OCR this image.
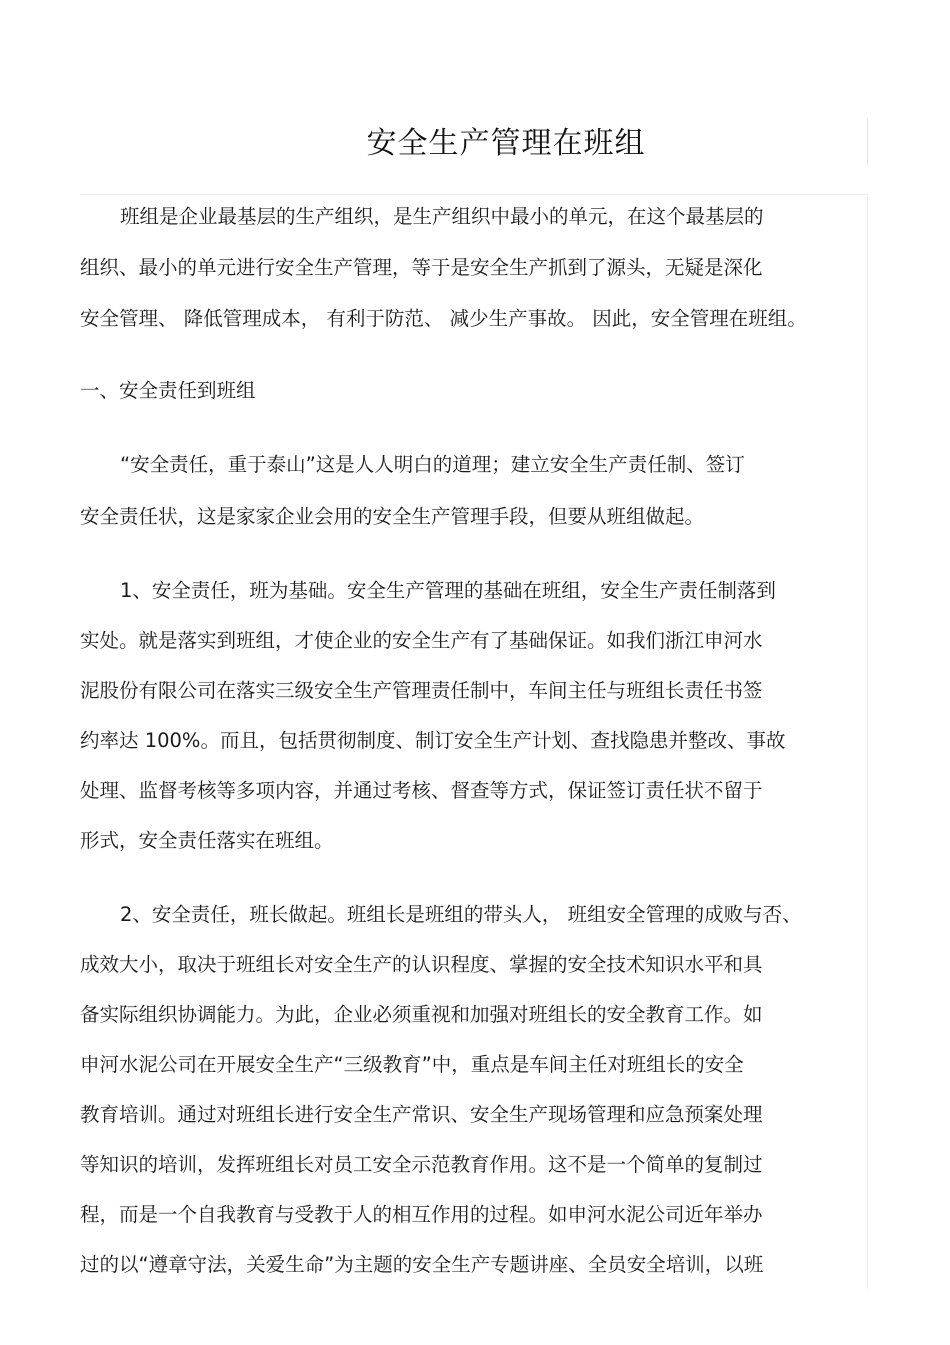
安全生产管理在班组
班组是企业最基层的生产组织，是生产组织中最小的单元，在这个最基层的
组织、最小的单元进行安全生产管理，等于是安全生产抓到了源头，无疑是深化
安全管理、 降低管理成本， 有利于防范、 减少生产事故。 因此，安全管理在班组。
一、安全责任到班组
“安全责任，重于泰山”这是人人明白的道理；建立安全生产责任制、签订
安全责任状，这是家家企业会用的安全生产管理手段，但要从班组做起。
1、安全责任，班为基础。安全生产管理的基础在班组，安全生产责任制落到
实处。就是落实到班组，才使企业的安全生产有了基础保证。如我们浙江申河水
泥股份有限公司在落实三级安全生产管理责任制中，车间主任与班组长责任书签
约率达 100%。而且，包括贯彻制度、制订安全生产计划、查找隐患并整改、事故
处理、监督考核等多项内容，并通过考核、督查等方式，保证签订责任状不留于
形式，安全责任落实在班组。
2、安全责任，班长做起。班组长是班组的带头人， 班组安全管理的成败与否、
成效大小，取决于班组长对安全生产的认识程度、掌握的安全技术知识水平和具
备实际组织协调能力。为此，企业必须重视和加强对班组长的安全教育工作。如
申河水泥公司在开展安全生产“三级教育”中，重点是车间主任对班组长的安全
教育培训。通过对班组长进行安全生产常识、安全生产现场管理和应急预案处理
等知识的培训，发挥班组长对员工安全示范教育作用。这不是一个简单的复制过
程，而是一个自我教育与受教于人的相互作用的过程。如申河水泥公司近年举办
过的以“遵章守法，关爱生命”为主题的安全生产专题讲座、全员安全培训，以班
